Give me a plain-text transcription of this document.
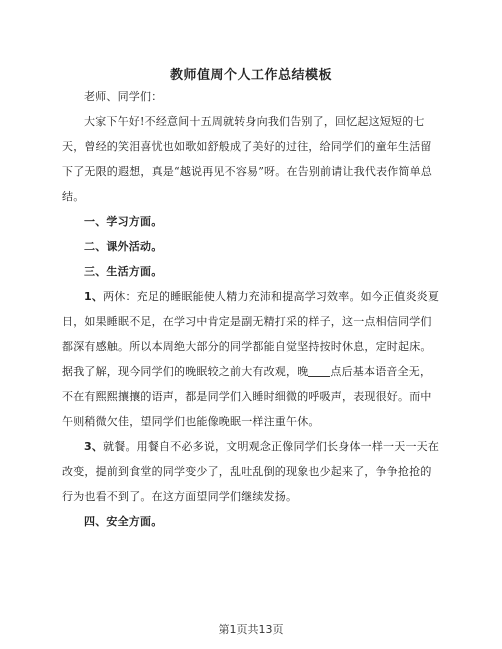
教师值周个人工作总结模板

老师、同学们：

大家下午好!不经意间十五周就转身向我们告别了，回忆起这短短的七天，曾经的笑泪喜忧也如歌如舒般成了美好的过往，给同学们的童年生活留下了无限的遐想，真是“越说再见不容易”呀。在告别前请让我代表作简单总结。

一、学习方面。

二、课外活动。

三、生活方面。

1、两休：充足的睡眠能使人精力充沛和提高学习效率。如今正值炎炎夏日，如果睡眠不足，在学习中肯定是副无精打采的样子，这一点相信同学们都深有感触。所以本周绝大部分的同学都能自觉坚持按时休息，定时起床。据我了解，现今同学们的晚眠较之前大有改观，晚 点后基本语音全无，不在有熙熙攘攘的语声，都是同学们入睡时细微的呼吸声，表现很好。而中午则稍微欠佳，望同学们也能像晚眠一样注重午休。

3、就餐。用餐自不必多说，文明观念正像同学们长身体一样一天一天在改变，提前到食堂的同学变少了，乱吐乱倒的现象也少起来了，争争抢抢的行为也看不到了。在这方面望同学们继续发扬。

四、安全方面。

第1页共13页
